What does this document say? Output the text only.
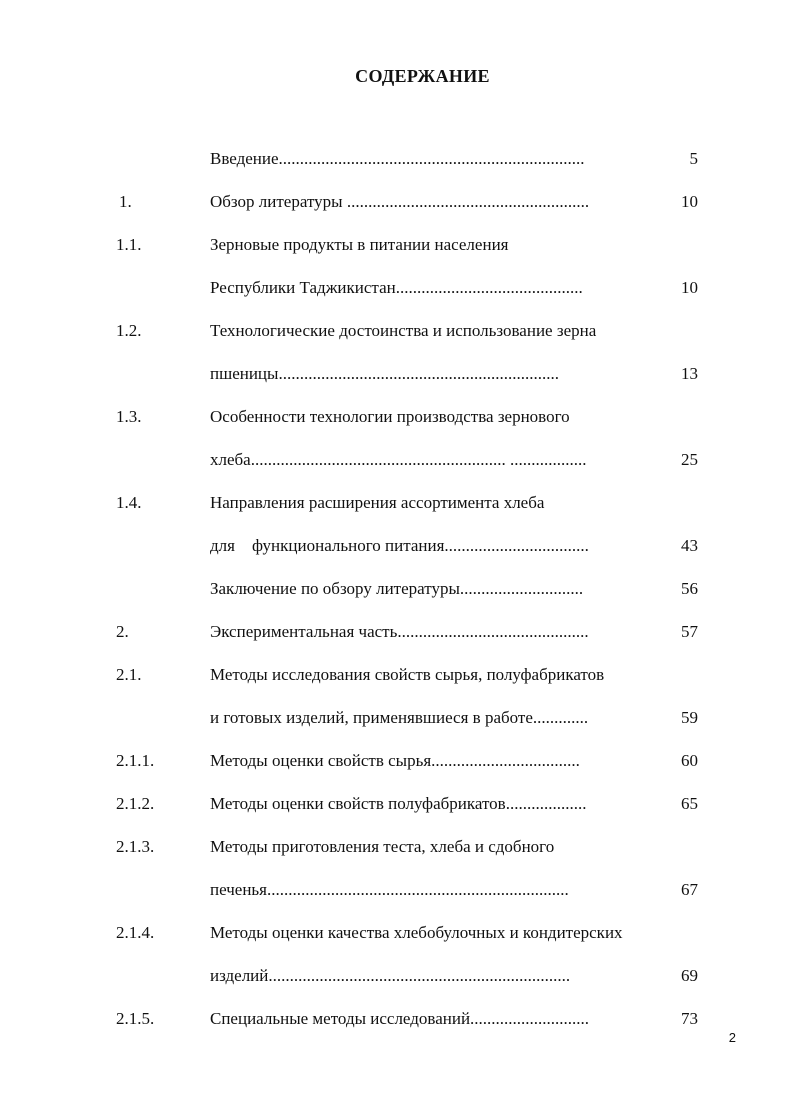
СОДЕРЖАНИЕ
Введение........................................................................	5
1.	Обзор литературы .........................................................	10
1.1.	Зерновые продукты в питании населения
Республики Таджикистан............................................	10
1.2.	Технологические достоинства и использование зерна
пшеницы..................................................................	13
1.3.	Особенности технологии производства зернового
хлеба............................................................ ..................	25
1.4.	Направления расширения ассортимента хлеба
для    функционального питания..................................	43
Заключение по обзору литературы.............................	56
2.	Экспериментальная часть.............................................	57
2.1.	Методы исследования свойств сырья, полуфабрикатов
и готовых изделий, применявшиеся в работе.............	59
2.1.1.	Методы оценки свойств сырья...................................	60
2.1.2.	Методы оценки свойств полуфабрикатов...................	65
2.1.3.	Методы приготовления теста, хлеба и сдобного
печенья.......................................................................	67
2.1.4.	Методы оценки качества хлебобулочных и кондитерских
изделий.......................................................................	69
2.1.5.	Специальные методы исследований............................	73
2
